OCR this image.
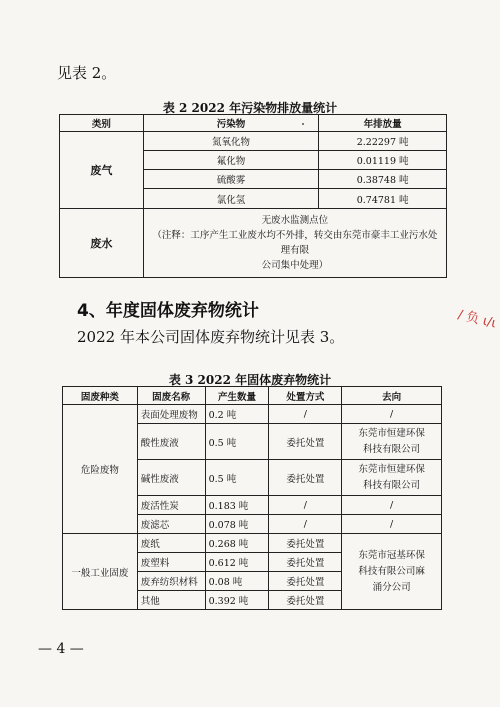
见表 2。
表 2 2022 年污染物排放量统计
类别	污染物	年排放量
废气	氮氧化物	2.22297 吨
	氟化物	0.01119 吨
	硫酸雾	0.38748 吨
	氯化氢	0.74781 吨
废水	无废水监测点位
（注释：工序产生工业废水均不外排，转交由东莞市豪丰工业污水处理有限
公司集中处理）	
4、年度固体废弃物统计
2022 年本公司固体废弃物统计见表 3。
/ 负 ι/ι
表 3 2022 年固体废弃物统计
固废种类	固废名称	产生数量	处置方式	去向
危险废物	表面处理废物	0.2 吨	/	/
	酸性废液	0.5 吨	委托处置	东莞市恒建环保
科技有限公司

	碱性废液	0.5 吨	委托处置	东莞市恒建环保
科技有限公司

	废活性炭	0.183 吨	/	/
	废滤芯	0.078 吨	/	/
一般工业固废	废纸	0.268 吨	委托处置	东莞市冠基环保
科技有限公司麻
涌分公司

	废塑料	0.612 吨	委托处置	
	废弃纺织材料	0.08 吨	委托处置	
	其他	0.392 吨	委托处置	
— 4 —
